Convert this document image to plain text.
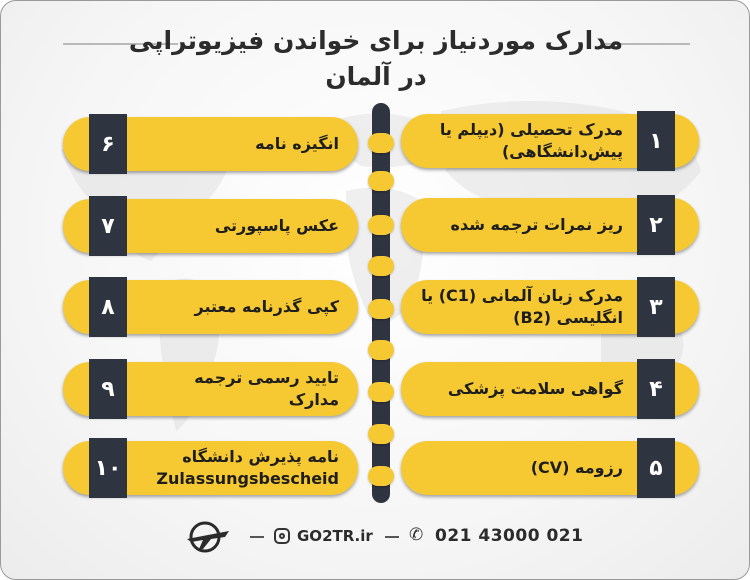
مدارک موردنیاز برای خواندن فیزیوتراپی
در آلمان
مدرک تحصیلی (دیپلم یا پیش‌دانشگاهی)	۱
ریز نمرات ترجمه شده	۲
مدرک زبان آلمانی (C1) یا انگلیسی (B2)	۳
گواهی سلامت پزشکی	۴
رزومه (CV)	۵
۶	انگیزه نامه
۷	عکس پاسپورتی
۸	کپی گذرنامه معتبر
۹	تایید رسمی ترجمه مدارک
۱۰	نامه پذیرش دانشگاه Zulassungsbescheid
GO2TR.ir ✆ 021 43000 021
